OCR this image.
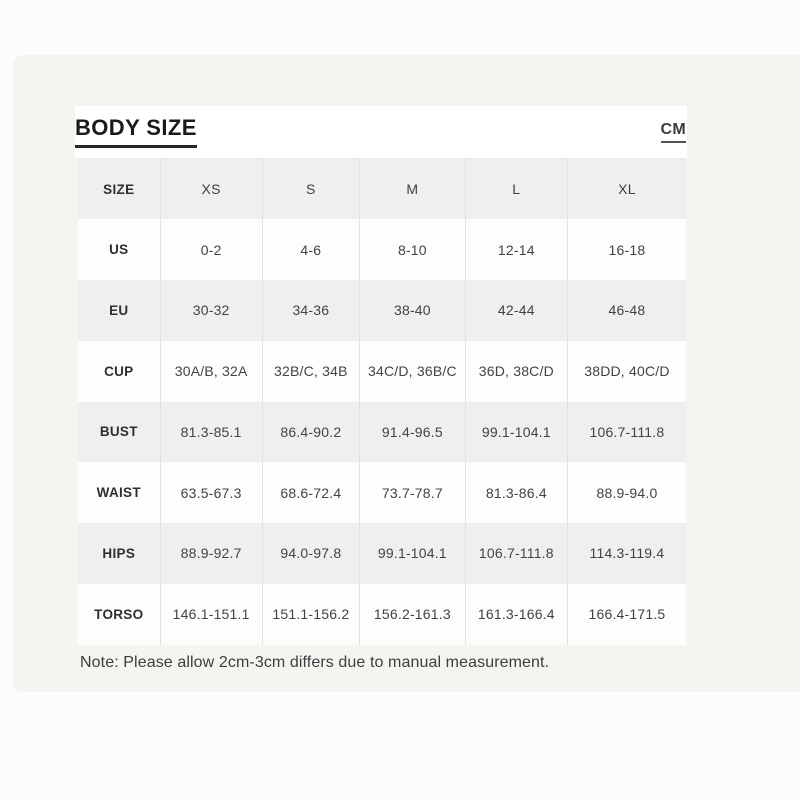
BODY SIZE	CM
SIZE	XS	S	M	L	XL
US	0-2	4-6	8-10	12-14	16-18
EU	30-32	34-36	38-40	42-44	46-48
CUP	30A/B, 32A	32B/C, 34B	34C/D, 36B/C	36D, 38C/D	38DD, 40C/D
BUST	81.3-85.1	86.4-90.2	91.4-96.5	99.1-104.1	106.7-111.8
WAIST	63.5-67.3	68.6-72.4	73.7-78.7	81.3-86.4	88.9-94.0
HIPS	88.9-92.7	94.0-97.8	99.1-104.1	106.7-111.8	114.3-119.4
TORSO	146.1-151.1	151.1-156.2	156.2-161.3	161.3-166.4	166.4-171.5
Note: Please allow 2cm-3cm differs due to manual measurement.
